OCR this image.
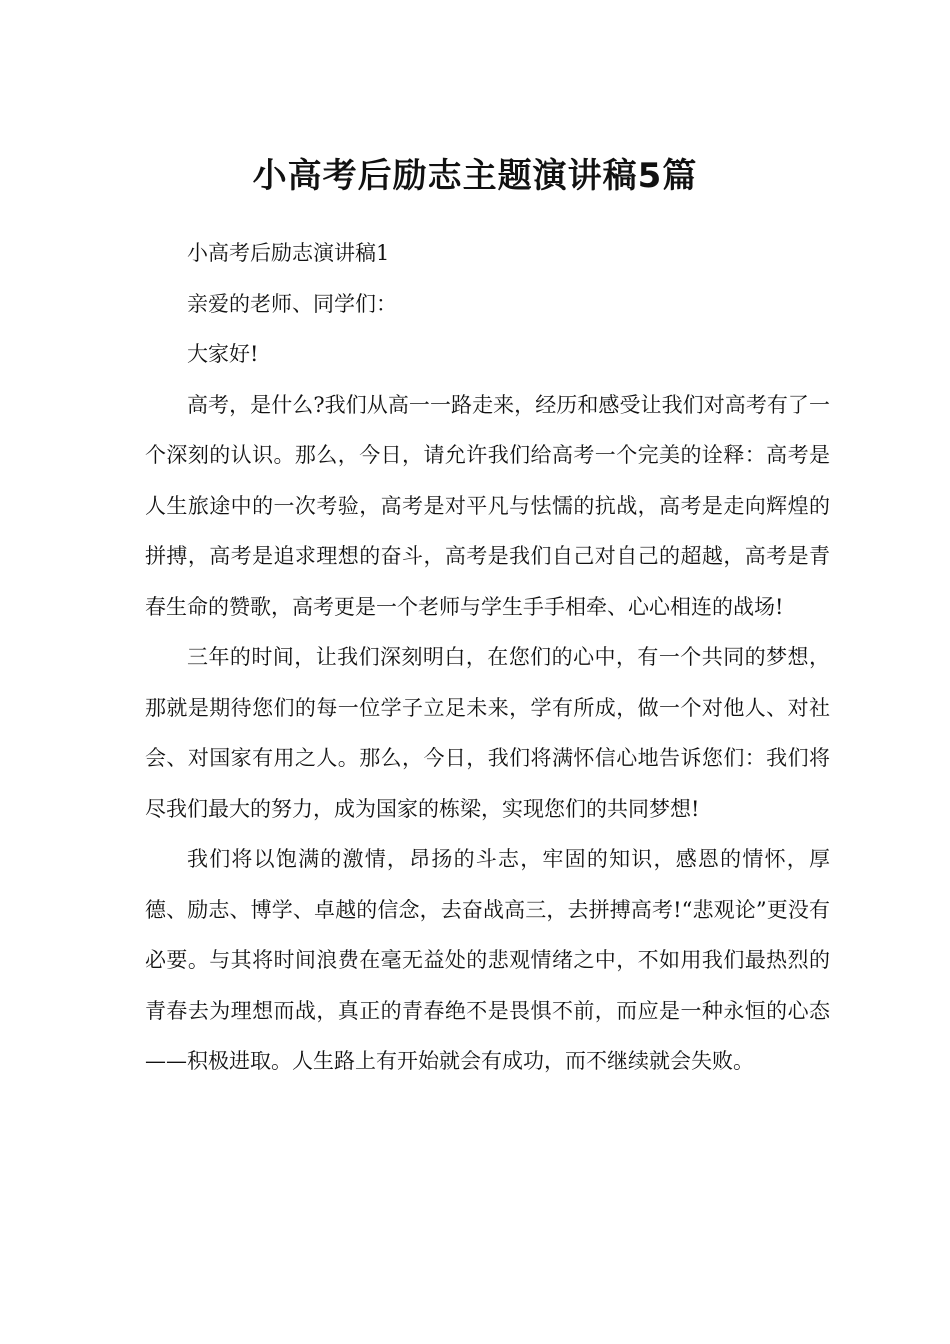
小高考后励志主题演讲稿5篇

小高考后励志演讲稿1

亲爱的老师、同学们：

大家好!

高考，是什么?我们从高一一路走来，经历和感受让我们对高考有了一个深刻的认识。那么，今日，请允许我们给高考一个完美的诠释：高考是人生旅途中的一次考验，高考是对平凡与怯懦的抗战，高考是走向辉煌的拼搏，高考是追求理想的奋斗，高考是我们自己对自己的超越，高考是青春生命的赞歌，高考更是一个老师与学生手手相牵、心心相连的战场!

三年的时间，让我们深刻明白，在您们的心中，有一个共同的梦想，那就是期待您们的每一位学子立足未来，学有所成，做一个对他人、对社会、对国家有用之人。那么，今日，我们将满怀信心地告诉您们：我们将尽我们最大的努力，成为国家的栋梁，实现您们的共同梦想!

我们将以饱满的激情，昂扬的斗志，牢固的知识，感恩的情怀，厚德、励志、博学、卓越的信念，去奋战高三，去拼搏高考!“悲观论”更没有必要。与其将时间浪费在毫无益处的悲观情绪之中，不如用我们最热烈的青春去为理想而战，真正的青春绝不是畏惧不前，而应是一种永恒的心态——积极进取。人生路上有开始就会有成功，而不继续就会失败。
